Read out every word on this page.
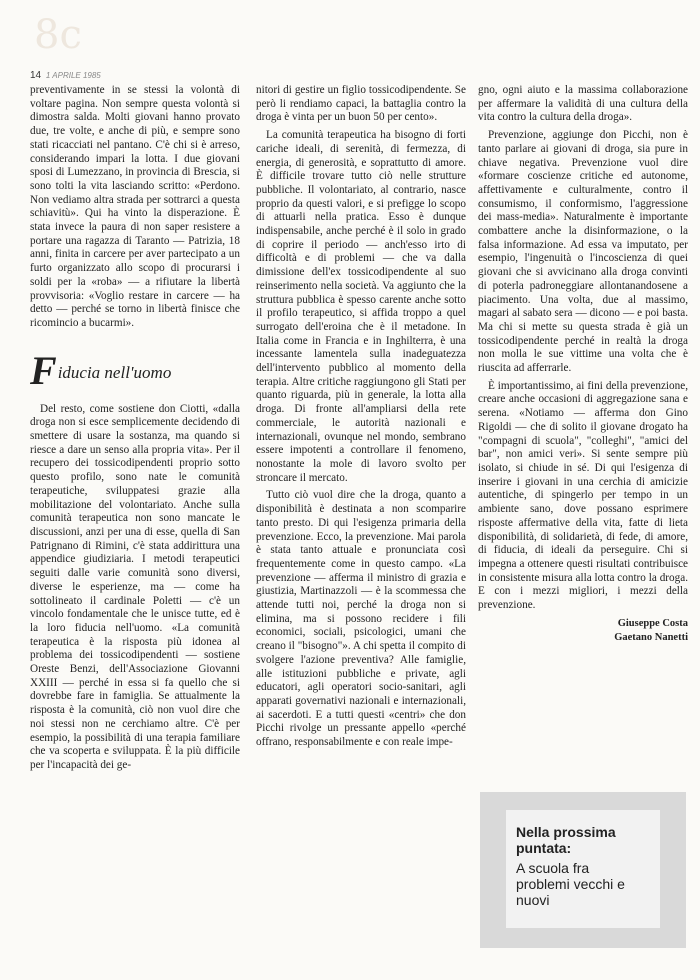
8c
14 1 APRILE 1985

preventivamente in se stessi la volontà di voltare pagina. Non sempre questa volontà si dimostra salda. Molti giovani hanno provato due, tre volte, e anche di più, e sempre sono stati ricacciati nel pantano. C'è chi si è arreso, considerando impari la lotta. I due giovani sposi di Lumezzano, in provincia di Brescia, si sono tolti la vita lasciando scritto: «Perdono. Non vediamo altra strada per sottrarci a questa schiavitù». Qui ha vinto la disperazione. È stata invece la paura di non saper resistere a portare una ragazza di Taranto — Patrizia, 18 anni, finita in carcere per aver partecipato a un furto organizzato allo scopo di procurarsi i soldi per la «roba» — a rifiutare la libertà provvisoria: «Voglio restare in carcere — ha detto — perché se torno in libertà finisce che ricomincio a bucarmi».

Fiducia nell'uomo

Del resto, come sostiene don Ciotti, «dalla droga non si esce semplicemente decidendo di smettere di usare la sostanza, ma quando si riesce a dare un senso alla propria vita». Per il recupero dei tossicodipendenti proprio sotto questo profilo, sono nate le comunità terapeutiche, sviluppatesi grazie alla mobilitazione del volontariato. Anche sulla comunità terapeutica non sono mancate le discussioni, anzi per una di esse, quella di San Patrignano di Rimini, c'è stata addirittura una appendice giudiziaria. I metodi terapeutici seguiti dalle varie comunità sono diversi, diverse le esperienze, ma — come ha sottolineato il cardinale Poletti — c'è un vincolo fondamentale che le unisce tutte, ed è la loro fiducia nell'uomo. «La comunità terapeutica è la risposta più idonea al problema dei tossicodipendenti — sostiene Oreste Benzi, dell'Associazione Giovanni XXIII — perché in essa si fa quello che si dovrebbe fare in famiglia. Se attualmente la risposta è la comunità, ciò non vuol dire che noi stessi non ne cerchiamo altre. C'è per esempio, la possibilità di una terapia familiare che va scoperta e sviluppata. È la più difficile per l'incapacità dei ge-

nitori di gestire un figlio tossicodipendente. Se però li rendiamo capaci, la battaglia contro la droga è vinta per un buon 50 per cento».

La comunità terapeutica ha bisogno di forti cariche ideali, di serenità, di fermezza, di energia, di generosità, e soprattutto di amore. È difficile trovare tutto ciò nelle strutture pubbliche. Il volontariato, al contrario, nasce proprio da questi valori, e si prefigge lo scopo di attuarli nella pratica. Esso è dunque indispensabile, anche perché è il solo in grado di coprire il periodo — anch'esso irto di difficoltà e di problemi — che va dalla dimissione dell'ex tossicodipendente al suo reinserimento nella società. Va aggiunto che la struttura pubblica è spesso carente anche sotto il profilo terapeutico, si affida troppo a quel surrogato dell'eroina che è il metadone. In Italia come in Francia e in Inghilterra, è una incessante lamentela sulla inadeguatezza dell'intervento pubblico al momento della terapia. Altre critiche raggiungono gli Stati per quanto riguarda, più in generale, la lotta alla droga. Di fronte all'ampliarsi della rete commerciale, le autorità nazionali e internazionali, ovunque nel mondo, sembrano essere impotenti a controllare il fenomeno, nonostante la mole di lavoro svolto per stroncare il mercato.

Tutto ciò vuol dire che la droga, quanto a disponibilità è destinata a non scomparire tanto presto. Di qui l'esigenza primaria della prevenzione. Ecco, la prevenzione. Mai parola è stata tanto attuale e pronunciata così frequentemente come in questo campo. «La prevenzione — afferma il ministro di grazia e giustizia, Martinazzoli — è la scommessa che attende tutti noi, perché la droga non si elimina, ma si possono recidere i fili economici, sociali, psicologici, umani che creano il "bisogno"». A chi spetta il compito di svolgere l'azione preventiva? Alle famiglie, alle istituzioni pubbliche e private, agli educatori, agli operatori socio-sanitari, agli apparati governativi nazionali e internazionali, ai sacerdoti. E a tutti questi «centri» che don Picchi rivolge un pressante appello «perché offrano, responsabilmente e con reale impe-

gno, ogni aiuto e la massima collaborazione per affermare la validità di una cultura della vita contro la cultura della droga».

Prevenzione, aggiunge don Picchi, non è tanto parlare ai giovani di droga, sia pure in chiave negativa. Prevenzione vuol dire «formare coscienze critiche ed autonome, affettivamente e culturalmente, contro il consumismo, il conformismo, l'aggressione dei mass-media». Naturalmente è importante combattere anche la disinformazione, o la falsa informazione. Ad essa va imputato, per esempio, l'ingenuità o l'incoscienza di quei giovani che si avvicinano alla droga convinti di poterla padroneggiare allontanandosene a piacimento. Una volta, due al massimo, magari al sabato sera — dicono — e poi basta. Ma chi si mette su questa strada è già un tossicodipendente perché in realtà la droga non molla le sue vittime una volta che è riuscita ad afferrarle.

È importantissimo, ai fini della prevenzione, creare anche occasioni di aggregazione sana e serena. «Notiamo — afferma don Gino Rigoldi — che di solito il giovane drogato ha "compagni di scuola", "colleghi", "amici del bar", non amici veri». Si sente sempre più isolato, si chiude in sé. Di qui l'esigenza di inserire i giovani in una cerchia di amicizie autentiche, di spingerlo per tempo in un ambiente sano, dove possano esprimere risposte affermative della vita, fatte di lieta disponibilità, di solidarietà, di fede, di amore, di fiducia, di ideali da perseguire. Chi si impegna a ottenere questi risultati contribuisce in consistente misura alla lotta contro la droga. E con i mezzi migliori, i mezzi della prevenzione.

Giuseppe Costa
Gaetano Nanetti
Nella prossima puntata:
A scuola fra problemi vecchi e nuovi
